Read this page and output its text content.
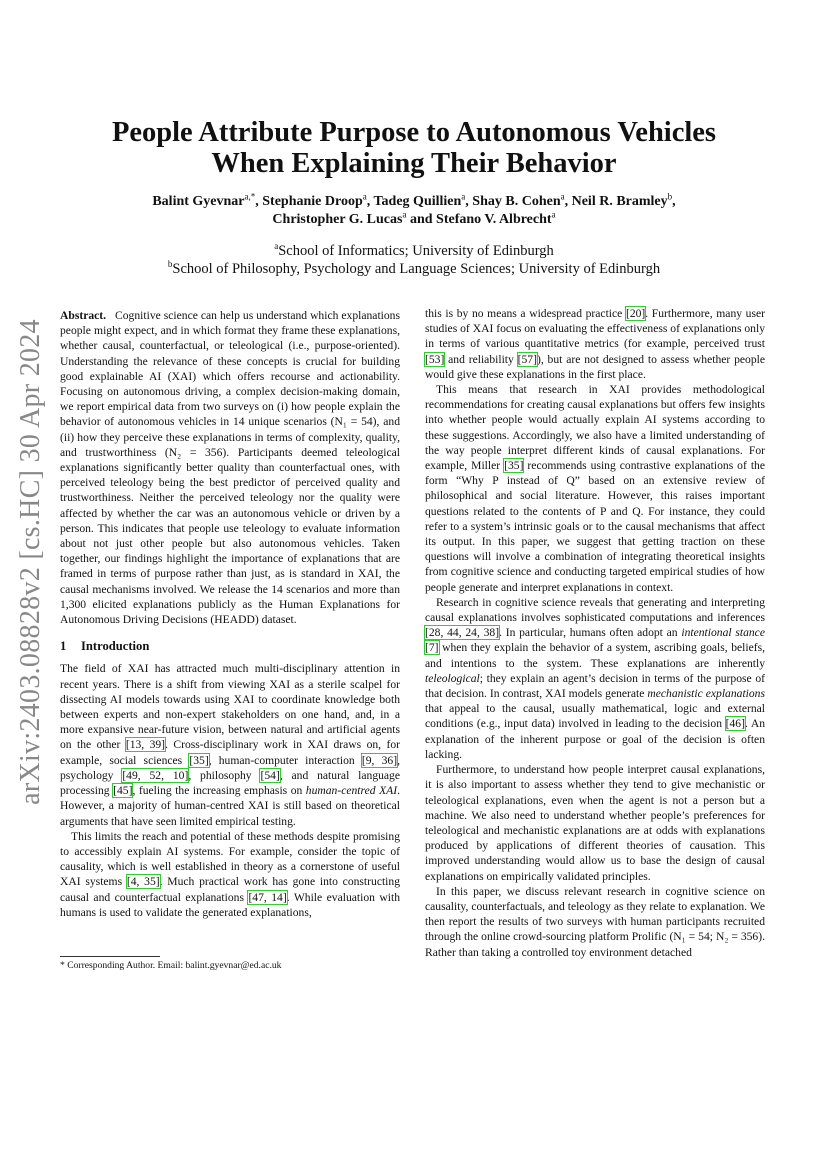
arXiv:2403.08828v2 [cs.HC] 30 Apr 2024
People Attribute Purpose to Autonomous Vehicles
When Explaining Their Behavior
Balint Gyevnar$^{a,*}$, Stephanie Droop$^a$, Tadeg Quillien$^a$, Shay B. Cohen$^a$, Neil R. Bramley$^b$,
Christopher G. Lucas$^a$ and Stefano V. Albrecht$^a$
$^a$School of Informatics; University of Edinburgh
$^b$School of Philosophy, Psychology and Language Sciences; University of Edinburgh

Abstract. Cognitive science can help us understand which explanations people might expect, and in which format they frame these explanations, whether causal, counterfactual, or teleological (i.e., purpose-oriented). Understanding the relevance of these concepts is crucial for building good explainable AI (XAI) which offers recourse and actionability. Focusing on autonomous driving, a complex decision-making domain, we report empirical data from two surveys on (i) how people explain the behavior of autonomous vehicles in 14 unique scenarios (N₁ = 54), and (ii) how they perceive these explanations in terms of complexity, quality, and trustworthiness (N₂ = 356). Participants deemed teleological explanations significantly better quality than counterfactual ones, with perceived teleology being the best predictor of perceived quality and trustworthiness. Neither the perceived teleology nor the quality were affected by whether the car was an autonomous vehicle or driven by a person. This indicates that people use teleology to evaluate information about not just other people but also autonomous vehicles. Taken together, our findings highlight the importance of explanations that are framed in terms of purpose rather than just, as is standard in XAI, the causal mechanisms involved. We release the 14 scenarios and more than 1,300 elicited explanations publicly as the Human Explanations for Autonomous Driving Decisions (HEADD) dataset.

1 Introduction

The field of XAI has attracted much multi-disciplinary attention in recent years. There is a shift from viewing XAI as a sterile scalpel for dissecting AI models towards using XAI to coordinate knowledge both between experts and non-expert stakeholders on one hand, and, in a more expansive near-future vision, between natural and artificial agents on the other [13, 39]. Cross-disciplinary work in XAI draws on, for example, social sciences [35], human-computer interaction [9, 36], psychology [49, 52, 10], philosophy [54], and natural language processing [45], fueling the increasing emphasis on human-centred XAI. However, a majority of human-centred XAI is still based on theoretical arguments that have seen limited empirical testing.

This limits the reach and potential of these methods despite promising to accessibly explain AI systems. For example, consider the topic of causality, which is well established in theory as a cornerstone of useful XAI systems [4, 35]. Much practical work has gone into constructing causal and counterfactual explanations [47, 14]. While evaluation with humans is used to validate the generated explanations,

this is by no means a widespread practice [20]. Furthermore, many user studies of XAI focus on evaluating the effectiveness of explanations only in terms of various quantitative metrics (for example, perceived trust [53] and reliability [57]), but are not designed to assess whether people would give these explanations in the first place.

This means that research in XAI provides methodological recommendations for creating causal explanations but offers few insights into whether people would actually explain AI systems according to these suggestions. Accordingly, we also have a limited understanding of the way people interpret different kinds of causal explanations. For example, Miller [35] recommends using contrastive explanations of the form “Why P instead of Q” based on an extensive review of philosophical and social literature. However, this raises important questions related to the contents of P and Q. For instance, they could refer to a system’s intrinsic goals or to the causal mechanisms that affect its output. In this paper, we suggest that getting traction on these questions will involve a combination of integrating theoretical insights from cognitive science and conducting targeted empirical studies of how people generate and interpret explanations in context.

Research in cognitive science reveals that generating and interpreting causal explanations involves sophisticated computations and inferences [28, 44, 24, 38]. In particular, humans often adopt an intentional stance [7] when they explain the behavior of a system, ascribing goals, beliefs, and intentions to the system. These explanations are inherently teleological; they explain an agent’s decision in terms of the purpose of that decision. In contrast, XAI models generate mechanistic explanations that appeal to the causal, usually mathematical, logic and external conditions (e.g., input data) involved in leading to the decision [46]. An explanation of the inherent purpose or goal of the decision is often lacking.

Furthermore, to understand how people interpret causal explanations, it is also important to assess whether they tend to give mechanistic or teleological explanations, even when the agent is not a person but a machine. We also need to understand whether people’s preferences for teleological and mechanistic explanations are at odds with explanations produced by applications of different theories of causation. This improved understanding would allow us to base the design of causal explanations on empirically validated principles.

In this paper, we discuss relevant research in cognitive science on causality, counterfactuals, and teleology as they relate to explanation. We then report the results of two surveys with human participants recruited through the online crowd-sourcing platform Prolific (N₁ = 54; N₂ = 356). Rather than taking a controlled toy environment detached

* Corresponding Author. Email: balint.gyevnar@ed.ac.uk
